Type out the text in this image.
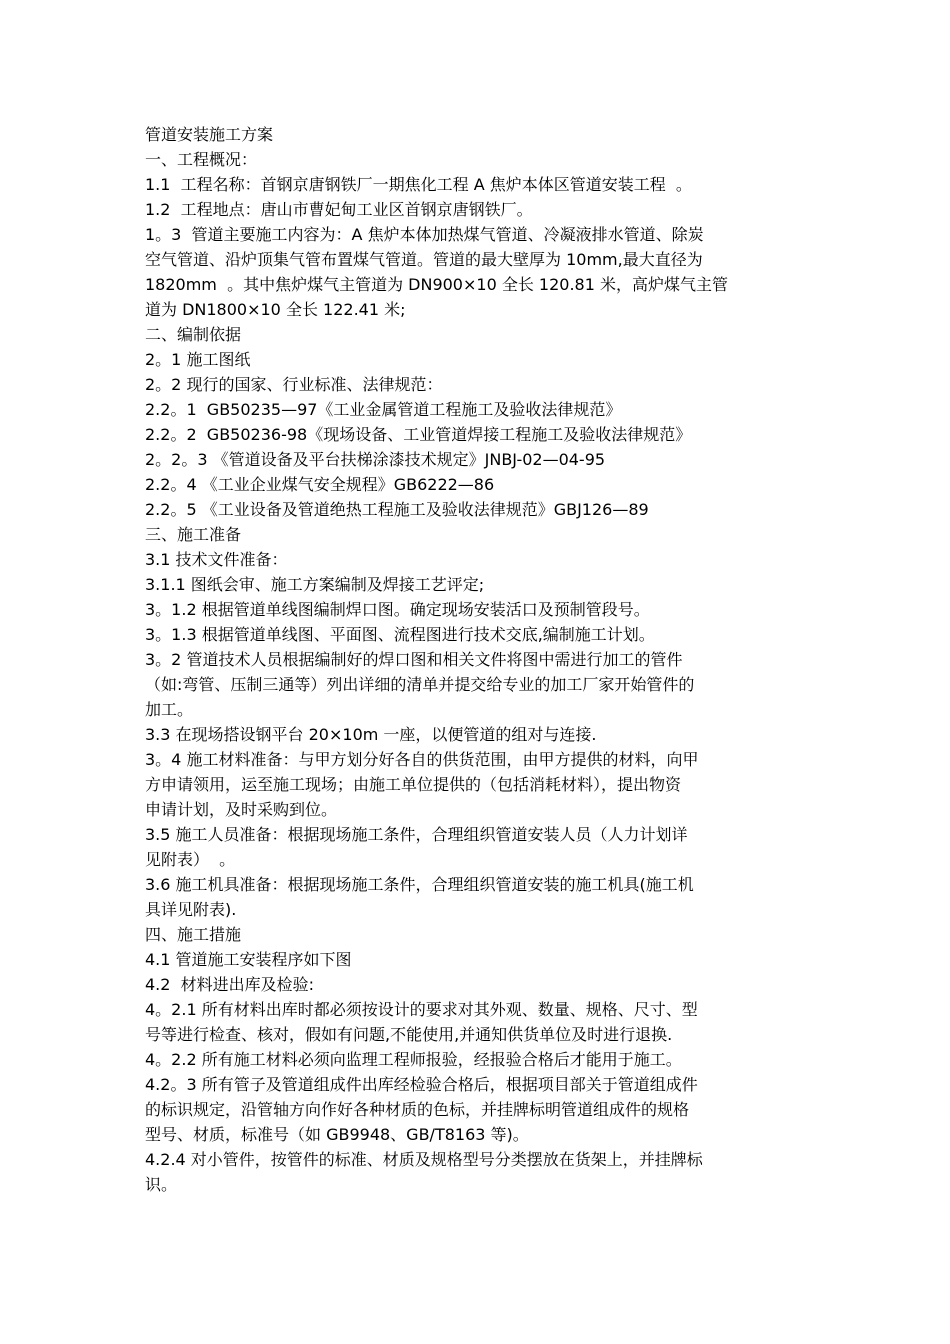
管道安装施工方案
一、工程概况：
1.1  工程名称：首钢京唐钢铁厂一期焦化工程 A 焦炉本体区管道安装工程  。
1.2  工程地点：唐山市曹妃甸工业区首钢京唐钢铁厂。
1。3  管道主要施工内容为：A 焦炉本体加热煤气管道、冷凝液排水管道、除炭
空气管道、沿炉顶集气管布置煤气管道。管道的最大壁厚为 10mm,最大直径为
1820mm  。其中焦炉煤气主管道为 DN900×10 全长 120.81 米，高炉煤气主管
道为 DN1800×10 全长 122.41 米;
二、编制依据
2。1 施工图纸
2。2 现行的国家、行业标准、法律规范：
2.2。1  GB50235—97《工业金属管道工程施工及验收法律规范》
2.2。2  GB50236-98《现场设备、工业管道焊接工程施工及验收法律规范》
2。2。3 《管道设备及平台扶梯涂漆技术规定》JNBJ-02—04-95
2.2。4 《工业企业煤气安全规程》GB6222—86
2.2。5 《工业设备及管道绝热工程施工及验收法律规范》GBJ126—89
三、施工准备
3.1 技术文件准备：
3.1.1 图纸会审、施工方案编制及焊接工艺评定;
3。1.2 根据管道单线图编制焊口图。确定现场安装活口及预制管段号。
3。1.3 根据管道单线图、平面图、流程图进行技术交底,编制施工计划。
3。2 管道技术人员根据编制好的焊口图和相关文件将图中需进行加工的管件
（如:弯管、压制三通等）列出详细的清单并提交给专业的加工厂家开始管件的
加工。
3.3 在现场搭设钢平台 20×10m 一座，以便管道的组对与连接.
3。4 施工材料准备：与甲方划分好各自的供货范围，由甲方提供的材料，向甲
方申请领用，运至施工现场；由施工单位提供的（包括消耗材料），提出物资
申请计划，及时采购到位。
3.5 施工人员准备：根据现场施工条件，合理组织管道安装人员（人力计划详
见附表）  。
3.6 施工机具准备：根据现场施工条件，合理组织管道安装的施工机具(施工机
具详见附表).
四、施工措施
4.1 管道施工安装程序如下图
4.2  材料进出库及检验:
4。2.1 所有材料出库时都必须按设计的要求对其外观、数量、规格、尺寸、型
号等进行检查、核对，假如有问题,不能使用,并通知供货单位及时进行退换.
4。2.2 所有施工材料必须向监理工程师报验，经报验合格后才能用于施工。
4.2。3 所有管子及管道组成件出库经检验合格后，根据项目部关于管道组成件
的标识规定，沿管轴方向作好各种材质的色标，并挂牌标明管道组成件的规格
型号、材质，标准号（如 GB9948、GB/T8163 等)。
4.2.4 对小管件，按管件的标准、材质及规格型号分类摆放在货架上，并挂牌标
识。
